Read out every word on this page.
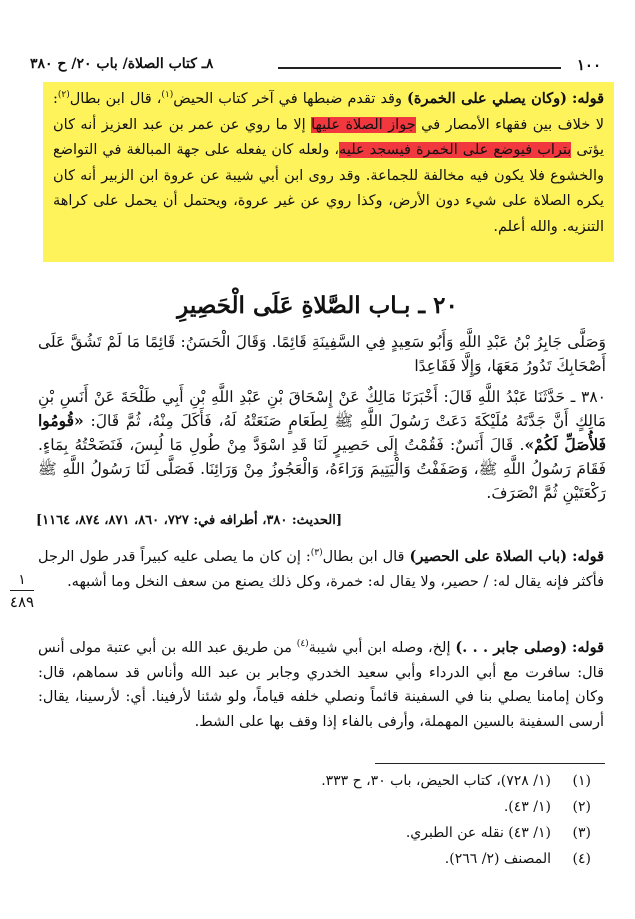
١٠٠
٨ـ كتاب الصلاة/ باب ٢٠/ ح ٣٨٠

قوله: (وكان يصلي على الخمرة) وقد تقدم ضبطها في آخر كتاب الحيض$^{(١)}$، قال ابن بطال$^{(٢)}$: لا خلاف بين فقهاء الأمصار في جواز الصلاة عليها إلا ما روي عن عمر بن عبد العزيز أنه كان يؤتى بتراب فيوضع على الخمرة فيسجد عليه، ولعله كان يفعله على جهة المبالغة في التواضع والخشوع فلا يكون فيه مخالفة للجماعة. وقد روى ابن أبي شيبة عن عروة ابن الزبير أنه كان يكره الصلاة على شيء دون الأرض، وكذا روي عن غير عروة، ويحتمل أن يحمل على كراهة التنزيه. والله أعلم.

٢٠ ـ بـاب الصَّلاةِ عَلَى الْحَصِيرِ

وَصَلَّى جَابِرُ بْنُ عَبْدِ اللَّهِ وَأَبُو سَعِيدٍ فِي السَّفِينَةِ قَائِمًا. وَقَالَ الْحَسَنُ: قَائِمًا مَا لَمْ تَشُقَّ عَلَى أَصْحَابِكَ تَدُورُ مَعَهَا، وَإِلَّا فَقَاعِدًا

٣٨٠ ـ حَدَّثَنَا عَبْدُ اللَّهِ قَالَ: أَخْبَرَنَا مَالِكٌ عَنْ إِسْحَاقَ بْنِ عَبْدِ اللَّهِ بْنِ أَبِي طَلْحَةَ عَنْ أَنَسِ بْنِ مَالِكٍ أَنَّ جَدَّتَهُ مُلَيْكَةَ دَعَتْ رَسُولَ اللَّهِ ﷺ لِطَعَامٍ صَنَعَتْهُ لَهُ، فَأَكَلَ مِنْهُ، ثُمَّ قَالَ: «قُومُوا فَلأُصَلِّ لَكُمْ». قَالَ أَنَسٌ: فَقُمْتُ إِلَى حَصِيرٍ لَنَا قَدِ اسْوَدَّ مِنْ طُولِ مَا لُبِسَ، فَنَضَحْتُهُ بِمَاءٍ. فَقَامَ رَسُولُ اللَّهِ ﷺ، وَصَفَفْتُ وَالْيَتِيمَ وَرَاءَهُ، وَالْعَجُوزُ مِنْ وَرَائِنَا. فَصَلَّى لَنَا رَسُولُ اللَّهِ ﷺ رَكْعَتَيْنِ ثُمَّ انْصَرَفَ.

[الحديث: ٣٨٠، أطرافه في: ٧٢٧، ٨٦٠، ٨٧١، ٨٧٤، ١١٦٤]

قوله: (باب الصلاة على الحصير) قال ابن بطال$^{(٣)}$: إن كان ما يصلى عليه كبيراً قدر طول الرجل فأكثر فإنه يقال له: / حصير، ولا يقال له: خمرة، وكل ذلك يصنع من سعف النخل وما أشبهه.

١
٤٨٩

قوله: (وصلى جابر . . .) إلخ، وصله ابن أبي شيبة$^{(٤)}$ من طريق عبد الله بن أبي عتبة مولى أنس قال: سافرت مع أبي الدرداء وأبي سعيد الخدري وجابر بن عبد الله وأناس قد سماهم، قال: وكان إمامنا يصلي بنا في السفينة قائماً ونصلي خلفه قياماً، ولو شئنا لأرفينا. أي: لأرسينا، يقال: أرسى السفينة بالسين المهملة، وأرفى بالفاء إذا وقف بها على الشط.

(١)
(١/ ٧٢٨)، كتاب الحيض، باب ٣٠، ح ٣٣٣.
(٢)
(١/ ٤٣).
(٣)
(١/ ٤٣) نقله عن الطبري.
(٤)
المصنف (٢/ ٢٦٦).
